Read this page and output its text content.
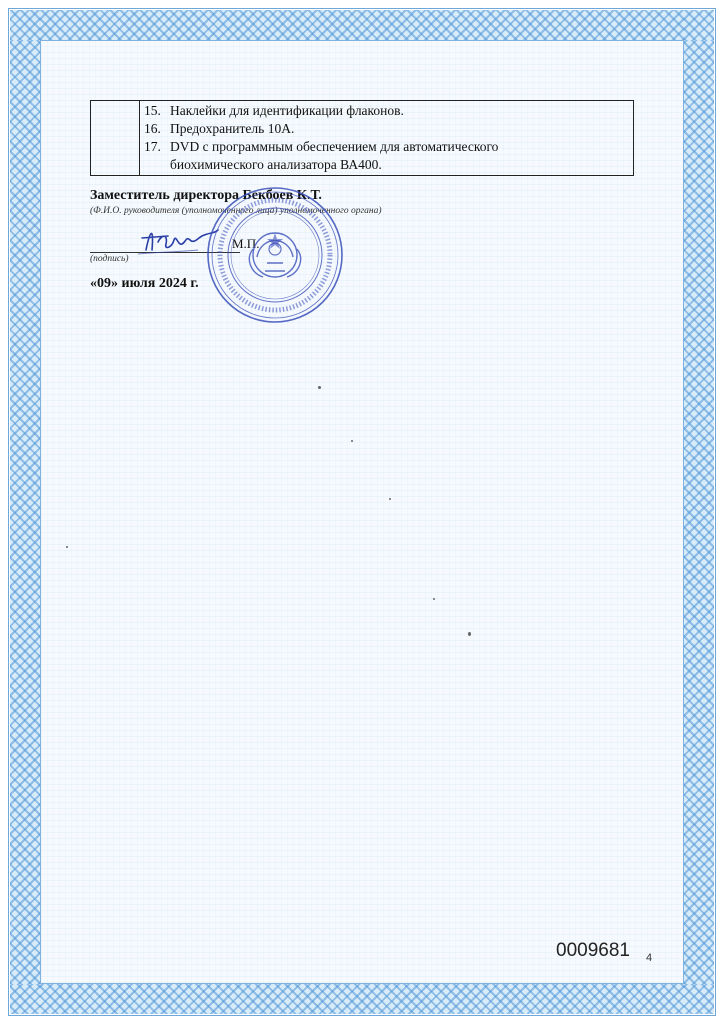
15. Наклейки для идентификации флаконов.
16. Предохранитель 10А.
17. DVD с программным обеспечением для автоматического биохимического анализатора ВА400.
Заместитель директора Бекбоев К.Т.
(Ф.И.О. руководителя (уполномоченного лица) уполномоченного органа)
М.П.
(подпись)
«09» июля 2024 г.
0009681 4
